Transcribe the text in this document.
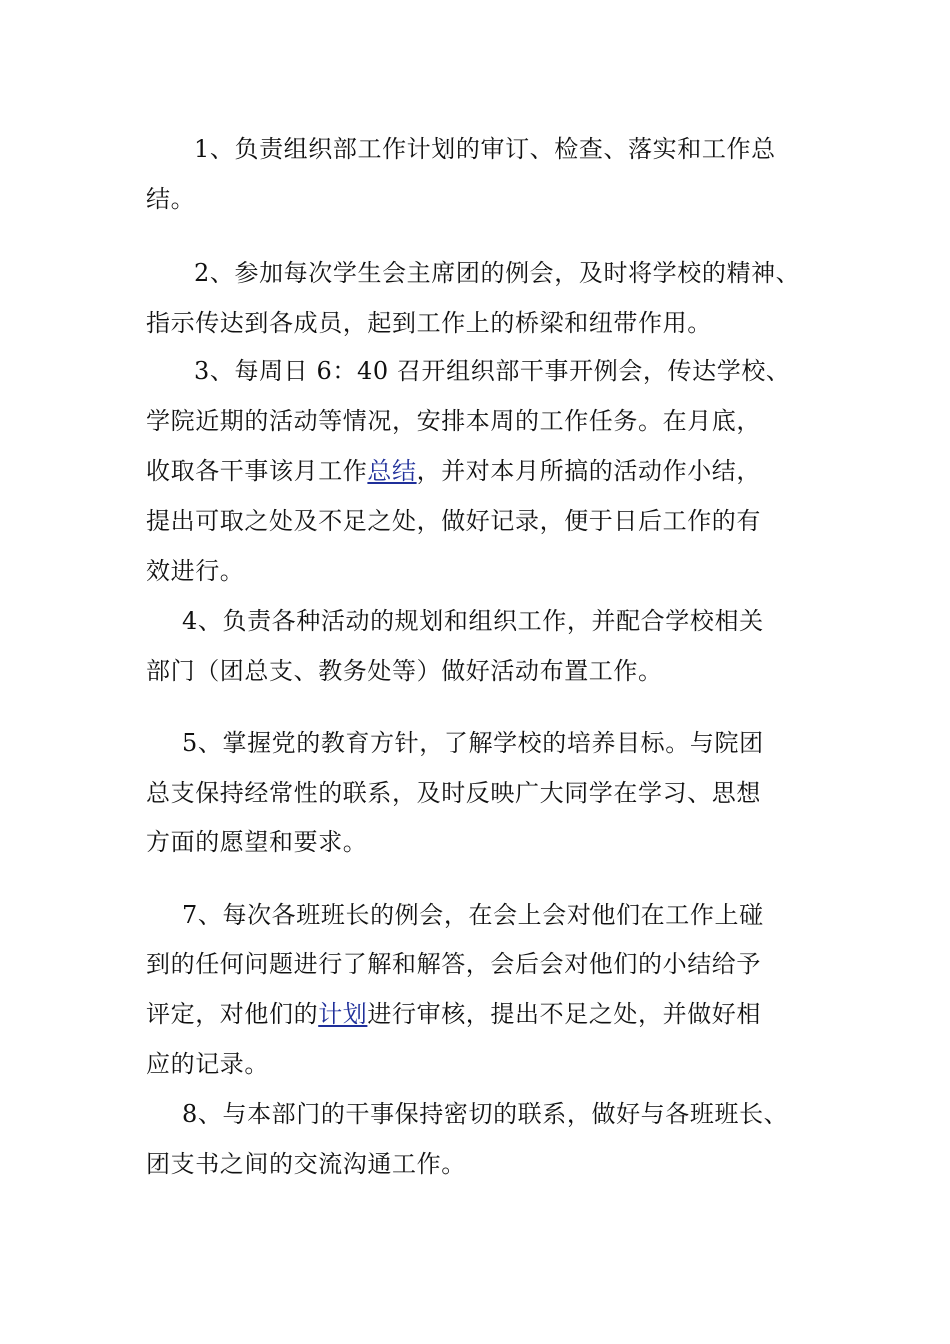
1、负责组织部工作计划的审订、检查、落实和工作总
结。
2、参加每次学生会主席团的例会，及时将学校的精神、
指示传达到各成员，起到工作上的桥梁和纽带作用。
3、每周日 6：40 召开组织部干事开例会，传达学校、
学院近期的活动等情况，安排本周的工作任务。在月底，
收取各干事该月工作总结，并对本月所搞的活动作小结，
提出可取之处及不足之处，做好记录，便于日后工作的有
效进行。
4、负责各种活动的规划和组织工作，并配合学校相关
部门（团总支、教务处等）做好活动布置工作。
5、掌握党的教育方针，了解学校的培养目标。与院团
总支保持经常性的联系，及时反映广大同学在学习、思想
方面的愿望和要求。
7、每次各班班长的例会，在会上会对他们在工作上碰
到的任何问题进行了解和解答，会后会对他们的小结给予
评定，对他们的计划进行审核，提出不足之处，并做好相
应的记录。
8、与本部门的干事保持密切的联系，做好与各班班长、
团支书之间的交流沟通工作。
